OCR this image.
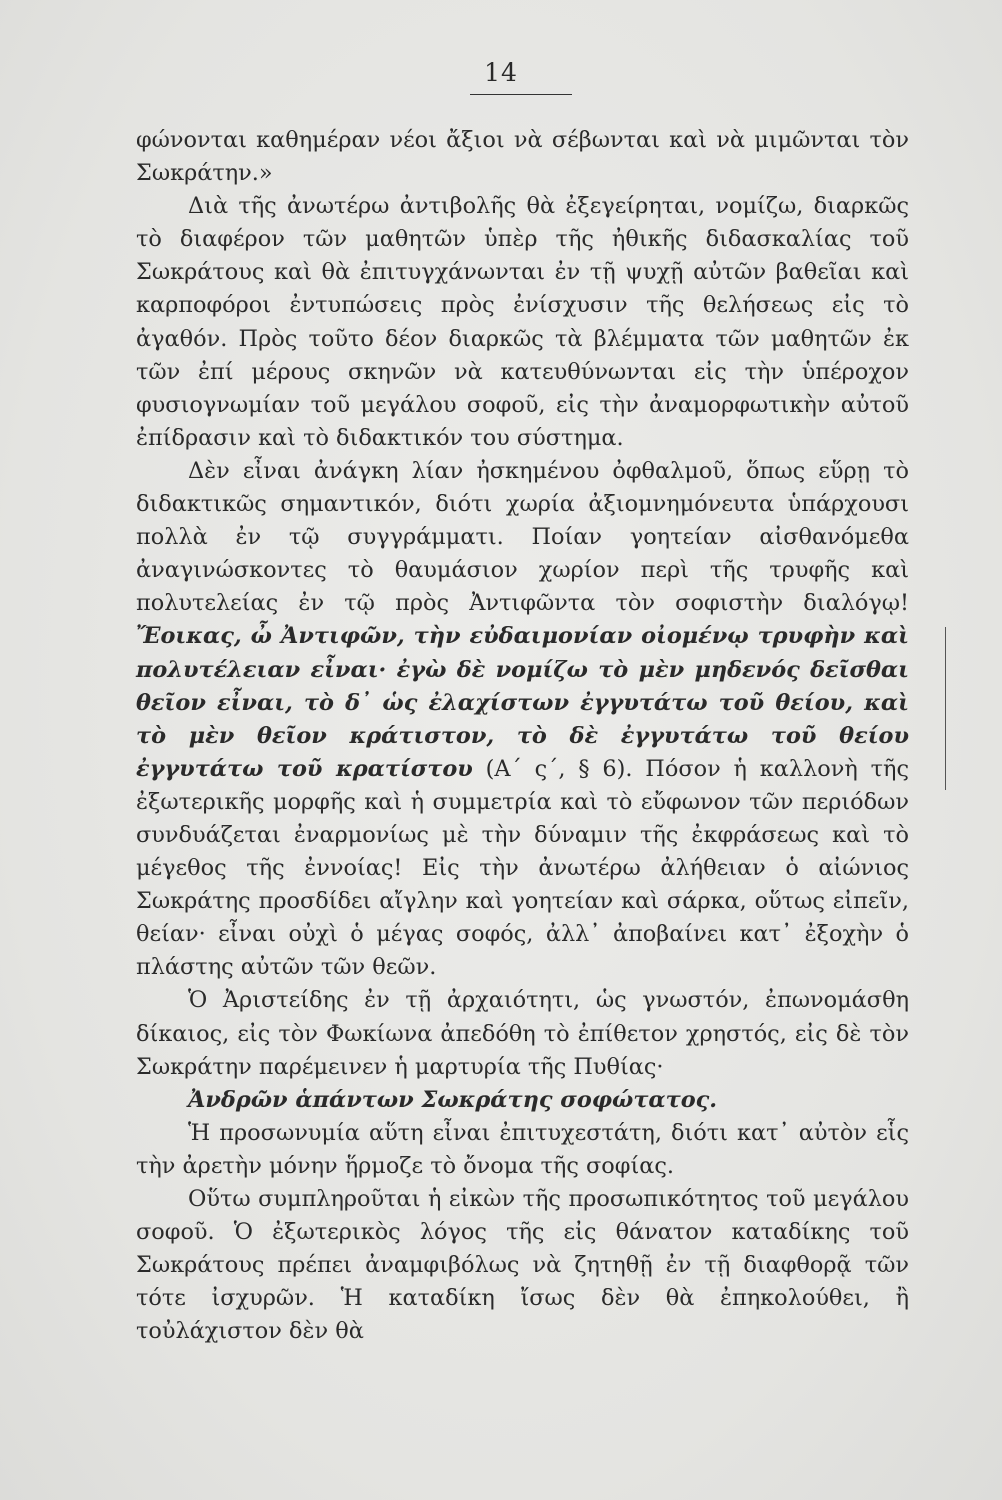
14

φώνονται καθημέραν νέοι ἄξιοι νὰ σέβωνται καὶ νὰ μιμῶνται τὸν Σωκράτην.»

Διὰ τῆς ἀνωτέρω ἀντιβολῆς θὰ ἐξεγείρηται, νομίζω, διαρκῶς τὸ διαφέρον τῶν μαθητῶν ὑπὲρ τῆς ἠθικῆς διδασκαλίας τοῦ Σωκράτους καὶ θὰ ἐπιτυγχάνωνται ἐν τῇ ψυχῇ αὐτῶν βαθεῖαι καὶ καρποφόροι ἐντυπώσεις πρὸς ἐνίσχυσιν τῆς θελήσεως εἰς τὸ ἀγαθόν. Πρὸς τοῦτο δέον διαρκῶς τὰ βλέμματα τῶν μαθητῶν ἐκ τῶν ἐπί μέρους σκηνῶν νὰ κατευθύνωνται εἰς τὴν ὑπέροχον φυσιογνωμίαν τοῦ μεγάλου σοφοῦ, εἰς τὴν ἀναμορφωτικὴν αὐτοῦ ἐπίδρασιν καὶ τὸ διδακτικόν του σύστημα.

Δὲν εἶναι ἀνάγκη λίαν ἠσκημένου ὀφθαλμοῦ, ὅπως εὕρῃ τὸ διδακτικῶς σημαντικόν, διότι χωρία ἀξιομνημόνευτα ὑπάρχουσι πολλὰ ἐν τῷ συγγράμματι. Ποίαν γοητείαν αἰσθανόμεθα ἀναγινώσκοντες τὸ θαυμάσιον χωρίον περὶ τῆς τρυφῆς καὶ πολυτελείας ἐν τῷ πρὸς Ἀντιφῶντα τὸν σοφιστὴν διαλόγῳ! Ἔοικας, ὦ Ἀντιφῶν, τὴν εὐδαιμονίαν οἰομένῳ τρυφὴν καὶ πολυτέλειαν εἶναι· ἐγὼ δὲ νομίζω τὸ μὲν μηδενός δεῖσθαι θεῖον εἶναι, τὸ δ᾽ ὡς ἐλαχίστων ἐγγυτάτω τοῦ θείου, καὶ τὸ μὲν θεῖον κράτιστον, τὸ δὲ ἐγγυτάτω τοῦ θείου ἐγγυτάτω τοῦ κρατίστου (Α΄ ς΄, § 6). Πόσον ἡ καλλονὴ τῆς ἐξωτερικῆς μορφῆς καὶ ἡ συμμετρία καὶ τὸ εὔφωνον τῶν περιόδων συνδυάζεται ἐναρμονίως μὲ τὴν δύναμιν τῆς ἐκφράσεως καὶ τὸ μέγεθος τῆς ἐννοίας! Εἰς τὴν ἀνωτέρω ἀλήθειαν ὁ αἰώνιος Σωκράτης προσδίδει αἴγλην καὶ γοητείαν καὶ σάρκα, οὕτως εἰπεῖν, θείαν· εἶναι οὐχὶ ὁ μέγας σοφός, ἀλλ᾽ ἀποβαίνει κατ᾽ ἐξοχὴν ὁ πλάστης αὐτῶν τῶν θεῶν.

Ὁ Ἀριστείδης ἐν τῇ ἀρχαιότητι, ὡς γνωστόν, ἐπωνομάσθη δίκαιος, εἰς τὸν Φωκίωνα ἀπεδόθη τὸ ἐπίθετον χρηστός, εἰς δὲ τὸν Σωκράτην παρέμεινεν ἡ μαρτυρία τῆς Πυθίας·

Ἀνδρῶν ἁπάντων Σωκράτης σοφώτατος.

Ἡ προσωνυμία αὕτη εἶναι ἐπιτυχεστάτη, διότι κατ᾽ αὐτὸν εἷς τὴν ἀρετὴν μόνην ἥρμοζε τὸ ὄνομα τῆς σοφίας.

Οὕτω συμπληροῦται ἡ εἰκὼν τῆς προσωπικότητος τοῦ μεγάλου σοφοῦ. Ὁ ἐξωτερικὸς λόγος τῆς εἰς θάνατον καταδίκης τοῦ Σωκράτους πρέπει ἀναμφιβόλως νὰ ζητηθῇ ἐν τῇ διαφθορᾷ τῶν τότε ἰσχυρῶν. Ἡ καταδίκη ἴσως δὲν θὰ ἐπηκολούθει, ἢ τοὐλάχιστον δὲν θὰ
